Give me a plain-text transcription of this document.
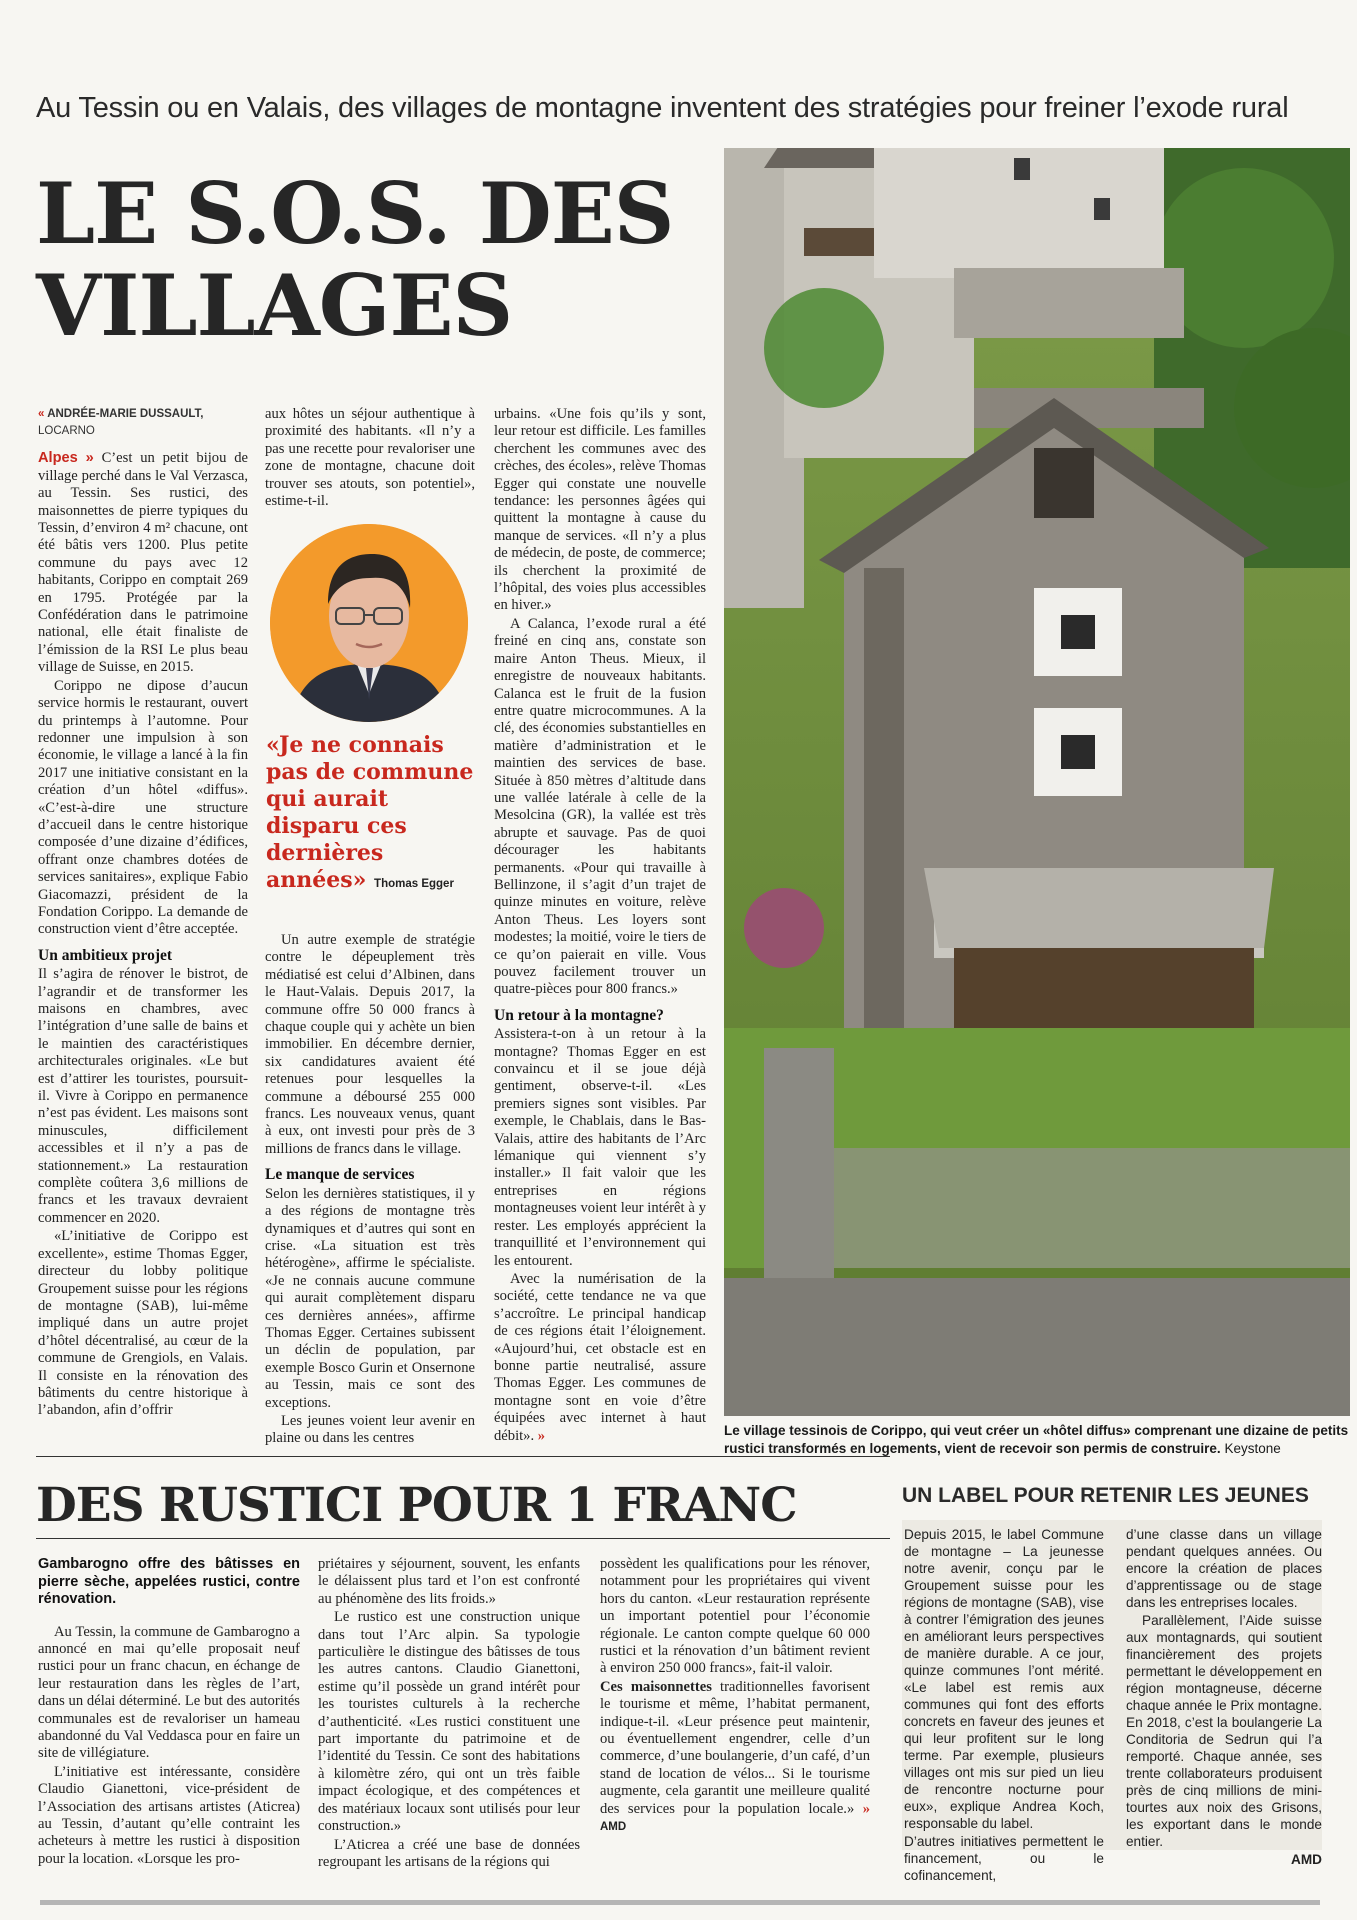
Au Tessin ou en Valais, des villages de montagne inventent des stratégies pour freiner l’exode rural
LE S.O.S. DES VILLAGES
« ANDRÉE-MARIE DUSSAULT,
LOCARNO

Alpes » C’est un petit bijou de village perché dans le Val Verzasca, au Tessin. Ses rustici, des maisonnettes de pierre typiques du Tessin, d’environ 4 m² chacune, ont été bâtis vers 1200. Plus petite commune du pays avec 12 habitants, Corippo en comptait 269 en 1795. Protégée par la Confédération dans le patrimoine national, elle était finaliste de l’émission de la RSI Le plus beau village de Suisse, en 2015.

Corippo ne dipose d’aucun service hormis le restaurant, ouvert du printemps à l’automne. Pour redonner une impulsion à son économie, le village a lancé à la fin 2017 une initiative consistant en la création d’un hôtel «diffus». «C’est-à-dire une structure d’accueil dans le centre historique composée d’une dizaine d’édifices, offrant onze chambres dotées de services sanitaires», explique Fabio Giacomazzi, président de la Fondation Corippo. La demande de construction vient d’être acceptée.

Un ambitieux projet

Il s’agira de rénover le bistrot, de l’agrandir et de transformer les maisons en chambres, avec l’intégration d’une salle de bains et le maintien des caractéristiques architecturales originales. «Le but est d’attirer les touristes, poursuit-il. Vivre à Corippo en permanence n’est pas évident. Les maisons sont minuscules, difficilement accessibles et il n’y a pas de stationnement.» La restauration complète coûtera 3,6 millions de francs et les travaux devraient commencer en 2020.

«L’initiative de Corippo est excellente», estime Thomas Egger, directeur du lobby politique Groupement suisse pour les régions de montagne (SAB), lui-même impliqué dans un autre projet d’hôtel décentralisé, au cœur de la commune de Grengiols, en Valais. Il consiste en la rénovation des bâtiments du centre historique à l’abandon, afin d’offrir

aux hôtes un séjour authentique à proximité des habitants. «Il n’y a pas une recette pour revaloriser une zone de montagne, chacune doit trouver ses atouts, son potentiel», estime-t-il.

«Je ne connais pas de commune qui aurait disparu ces dernières années» Thomas Egger

Un autre exemple de stratégie contre le dépeuplement très médiatisé est celui d’Albinen, dans le Haut-Valais. Depuis 2017, la commune offre 50 000 francs à chaque couple qui y achète un bien immobilier. En décembre dernier, six candidatures avaient été retenues pour lesquelles la commune a déboursé 255 000 francs. Les nouveaux venus, quant à eux, ont investi pour près de 3 millions de francs dans le village.

Le manque de services

Selon les dernières statistiques, il y a des régions de montagne très dynamiques et d’autres qui sont en crise. «La situation est très hétérogène», affirme le spécialiste. «Je ne connais aucune commune qui aurait complètement disparu ces dernières années», affirme Thomas Egger. Certaines subissent un déclin de population, par exemple Bosco Gurin et Onsernone au Tessin, mais ce sont des exceptions.

Les jeunes voient leur avenir en plaine ou dans les centres

urbains. «Une fois qu’ils y sont, leur retour est difficile. Les familles cherchent les communes avec des crèches, des écoles», relève Thomas Egger qui constate une nouvelle tendance: les personnes âgées qui quittent la montagne à cause du manque de services. «Il n’y a plus de médecin, de poste, de commerce; ils cherchent la proximité de l’hôpital, des voies plus accessibles en hiver.»

A Calanca, l’exode rural a été freiné en cinq ans, constate son maire Anton Theus. Mieux, il enregistre de nouveaux habitants. Calanca est le fruit de la fusion entre quatre microcommunes. A la clé, des économies substantielles en matière d’administration et le maintien des services de base. Située à 850 mètres d’altitude dans une vallée latérale à celle de la Mesolcina (GR), la vallée est très abrupte et sauvage. Pas de quoi décourager les habitants permanents. «Pour qui travaille à Bellinzone, il s’agit d’un trajet de quinze minutes en voiture, relève Anton Theus. Les loyers sont modestes; la moitié, voire le tiers de ce qu’on paierait en ville. Vous pouvez facilement trouver un quatre-pièces pour 800 francs.»

Un retour à la montagne?

Assistera-t-on à un retour à la montagne? Thomas Egger en est convaincu et il se joue déjà gentiment, observe-t-il. «Les premiers signes sont visibles. Par exemple, le Chablais, dans le Bas-Valais, attire des habitants de l’Arc lémanique qui viennent s’y installer.» Il fait valoir que les entreprises en régions montagneuses voient leur intérêt à y rester. Les employés apprécient la tranquillité et l’environnement qui les entourent.

Avec la numérisation de la société, cette tendance ne va que s’accroître. Le principal handicap de ces régions était l’éloignement. «Aujourd’hui, cet obstacle est en bonne partie neutralisé, assure Thomas Egger. Les communes de montagne sont en voie d’être équipées avec internet à haut débit». »	Le village tessinois de Corippo, qui veut créer un «hôtel diffus» comprenant une dizaine de petits rustici transformés en logements, vient de recevoir son permis de construire. Keystone
DES RUSTICI POUR 1 FRANC

Gambarogno offre des bâtisses en pierre sèche, appelées rustici, contre rénovation.

Au Tessin, la commune de Gambarogno a annoncé en mai qu’elle proposait neuf rustici pour un franc chacun, en échange de leur restauration dans les règles de l’art, dans un délai déterminé. Le but des autorités communales est de revaloriser un hameau abandonné du Val Veddasca pour en faire un site de villégiature.

L’initiative est intéressante, considère Claudio Gianettoni, vice-président de l’Association des artisans artistes (Aticrea) au Tessin, d’autant qu’elle contraint les acheteurs à mettre les rustici à disposition pour la location. «Lorsque les pro-

priétaires y séjournent, souvent, les enfants le délaissent plus tard et l’on est confronté au phénomène des lits froids.»

Le rustico est une construction unique dans tout l’Arc alpin. Sa typologie particulière le distingue des bâtisses de tous les autres cantons. Claudio Gianettoni, estime qu’il possède un grand intérêt pour les touristes culturels à la recherche d’authenticité. «Les rustici constituent une part importante du patrimoine et de l’identité du Tessin. Ce sont des habitations à kilomètre zéro, qui ont un très faible impact écologique, et des compétences et des matériaux locaux sont utilisés pour leur construction.»

L’Aticrea a créé une base de données regroupant les artisans de la régions qui

possèdent les qualifications pour les rénover, notamment pour les propriétaires qui vivent hors du canton. «Leur restauration représente un important potentiel pour l’économie régionale. Le canton compte quelque 60 000 rustici et la rénovation d’un bâtiment revient à environ 250 000 francs», fait-il valoir.

Ces maisonnettes traditionnelles favorisent le tourisme et même, l’habitat permanent, indique-t-il. «Leur présence peut maintenir, ou éventuellement engendrer, celle d’un commerce, d’une boulangerie, d’un café, d’un stand de location de vélos... Si le tourisme augmente, cela garantit une meilleure qualité des services pour la population locale.» » AMD

UN LABEL POUR RETENIR LES JEUNES

Depuis 2015, le label Commune de montagne – La jeunesse notre avenir, conçu par le Groupement suisse pour les régions de montagne (SAB), vise à contrer l’émigration des jeunes en améliorant leurs perspectives de manière durable. A ce jour, quinze communes l’ont mérité. «Le label est remis aux communes qui font des efforts concrets en faveur des jeunes et qui leur profitent sur le long terme. Par exemple, plusieurs villages ont mis sur pied un lieu de rencontre nocturne pour eux», explique Andrea Koch, responsable du label.

D’autres initiatives permettent le financement, ou le cofinancement,

d’une classe dans un village pendant quelques années. Ou encore la création de places d’apprentissage ou de stage dans les entreprises locales.

Parallèlement, l’Aide suisse aux montagnards, qui soutient financièrement des projets permettant le développement en région montagneuse, décerne chaque année le Prix montagne. En 2018, c’est la boulangerie La Conditoria de Sedrun qui l’a remporté. Chaque année, ses trente collaborateurs produisent près de cinq millions de mini-tourtes aux noix des Grisons, les exportant dans le monde entier.

AMD
